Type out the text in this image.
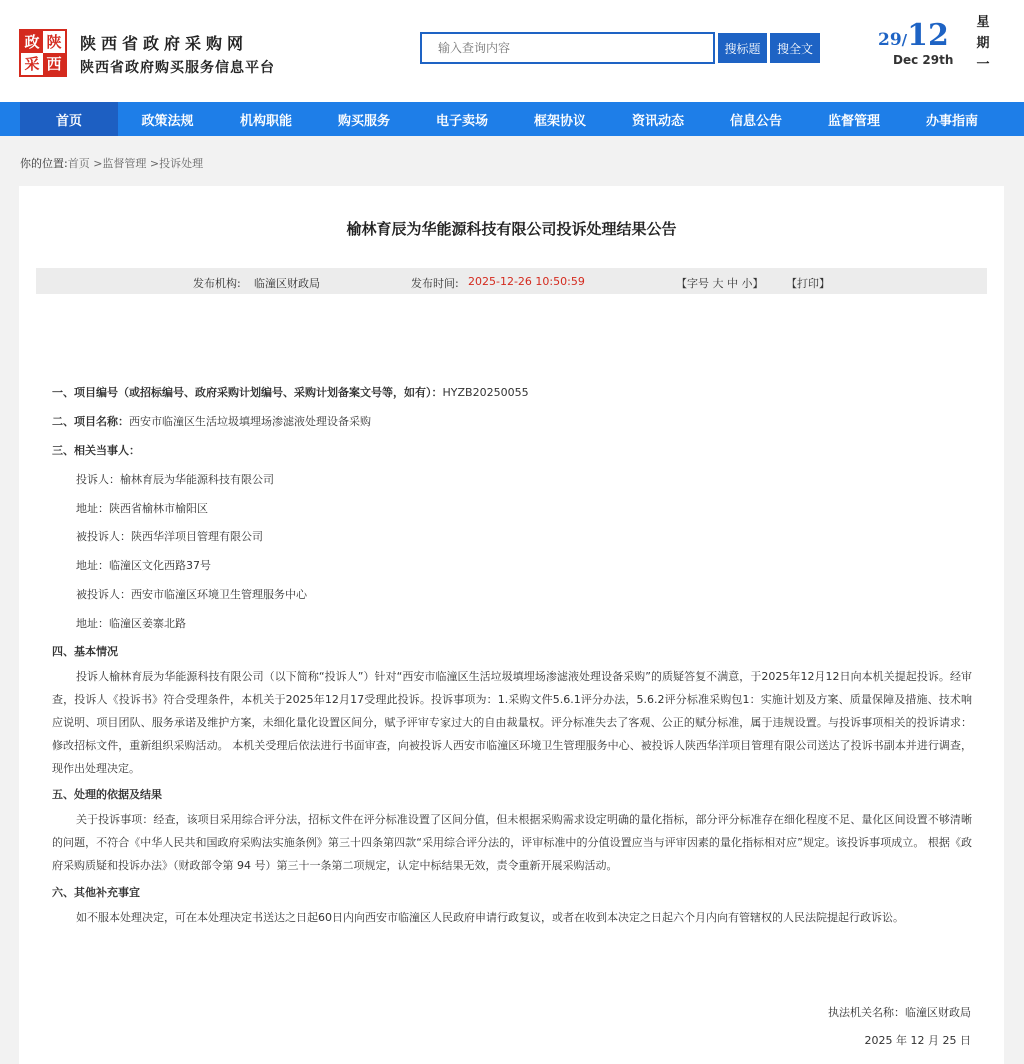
政 陕
采 西
陕西省政府采购网
陕西省政府购买服务信息平台
输入查询内容
搜标题	搜全文	29/12
Dec 29th
星
期
一
首页	政策法规	机构职能	购买服务	电子卖场	框架协议	资讯动态	信息公告	监督管理	办事指南
你的位置:首页 >监督管理 >投诉处理
榆林育辰为华能源科技有限公司投诉处理结果公告
发布机构: 临潼区财政局	发布时间: 2025-12-26 10:50:59	【字号 大 中 小】 【打印】
一、项目编号（或招标编号、政府采购计划编号、采购计划备案文号等，如有）：HYZB20250055
二、项目名称：西安市临潼区生活垃圾填埋场渗滤液处理设备采购
三、相关当事人：
投诉人：榆林育辰为华能源科技有限公司
地址：陕西省榆林市榆阳区
被投诉人：陕西华洋项目管理有限公司
地址：临潼区文化西路37号
被投诉人：西安市临潼区环境卫生管理服务中心
地址：临潼区姜寨北路
四、基本情况
投诉人榆林育辰为华能源科技有限公司（以下简称“投诉人”）针对“西安市临潼区生活垃圾填埋场渗滤液处理设备采购”的质疑答复不满意，于2025年12月12日向本机关提起投诉。经审查，投诉人《投诉书》符合受理条件，本机关于2025年12月17受理此投诉。投诉事项为：1.采购文件5.6.1评分办法，5.6.2评分标准采购包1：实施计划及方案、质量保障及措施、技术响应说明、项目团队、服务承诺及维护方案，未细化量化设置区间分，赋予评审专家过大的自由裁量权。评分标准失去了客观、公正的赋分标准，属于违规设置。与投诉事项相关的投诉请求：修改招标文件，重新组织采购活动。 本机关受理后依法进行书面审查，向被投诉人西安市临潼区环境卫生管理服务中心、被投诉人陕西华洋项目管理有限公司送达了投诉书副本并进行调查，现作出处理决定。
五、处理的依据及结果
关于投诉事项：经查，该项目采用综合评分法，招标文件在评分标准设置了区间分值，但未根据采购需求设定明确的量化指标，部分评分标准存在细化程度不足、量化区间设置不够清晰的问题，不符合《中华人民共和国政府采购法实施条例》第三十四条第四款“采用综合评分法的，评审标准中的分值设置应当与评审因素的量化指标相对应”规定。该投诉事项成立。 根据《政府采购质疑和投诉办法》（财政部令第 94 号）第三十一条第二项规定，认定中标结果无效，责令重新开展采购活动。
六、其他补充事宜
如不服本处理决定，可在本处理决定书送达之日起60日内向西安市临潼区人民政府申请行政复议，或者在收到本决定之日起六个月内向有管辖权的人民法院提起行政诉讼。
执法机关名称：临潼区财政局
2025 年 12 月 25 日
